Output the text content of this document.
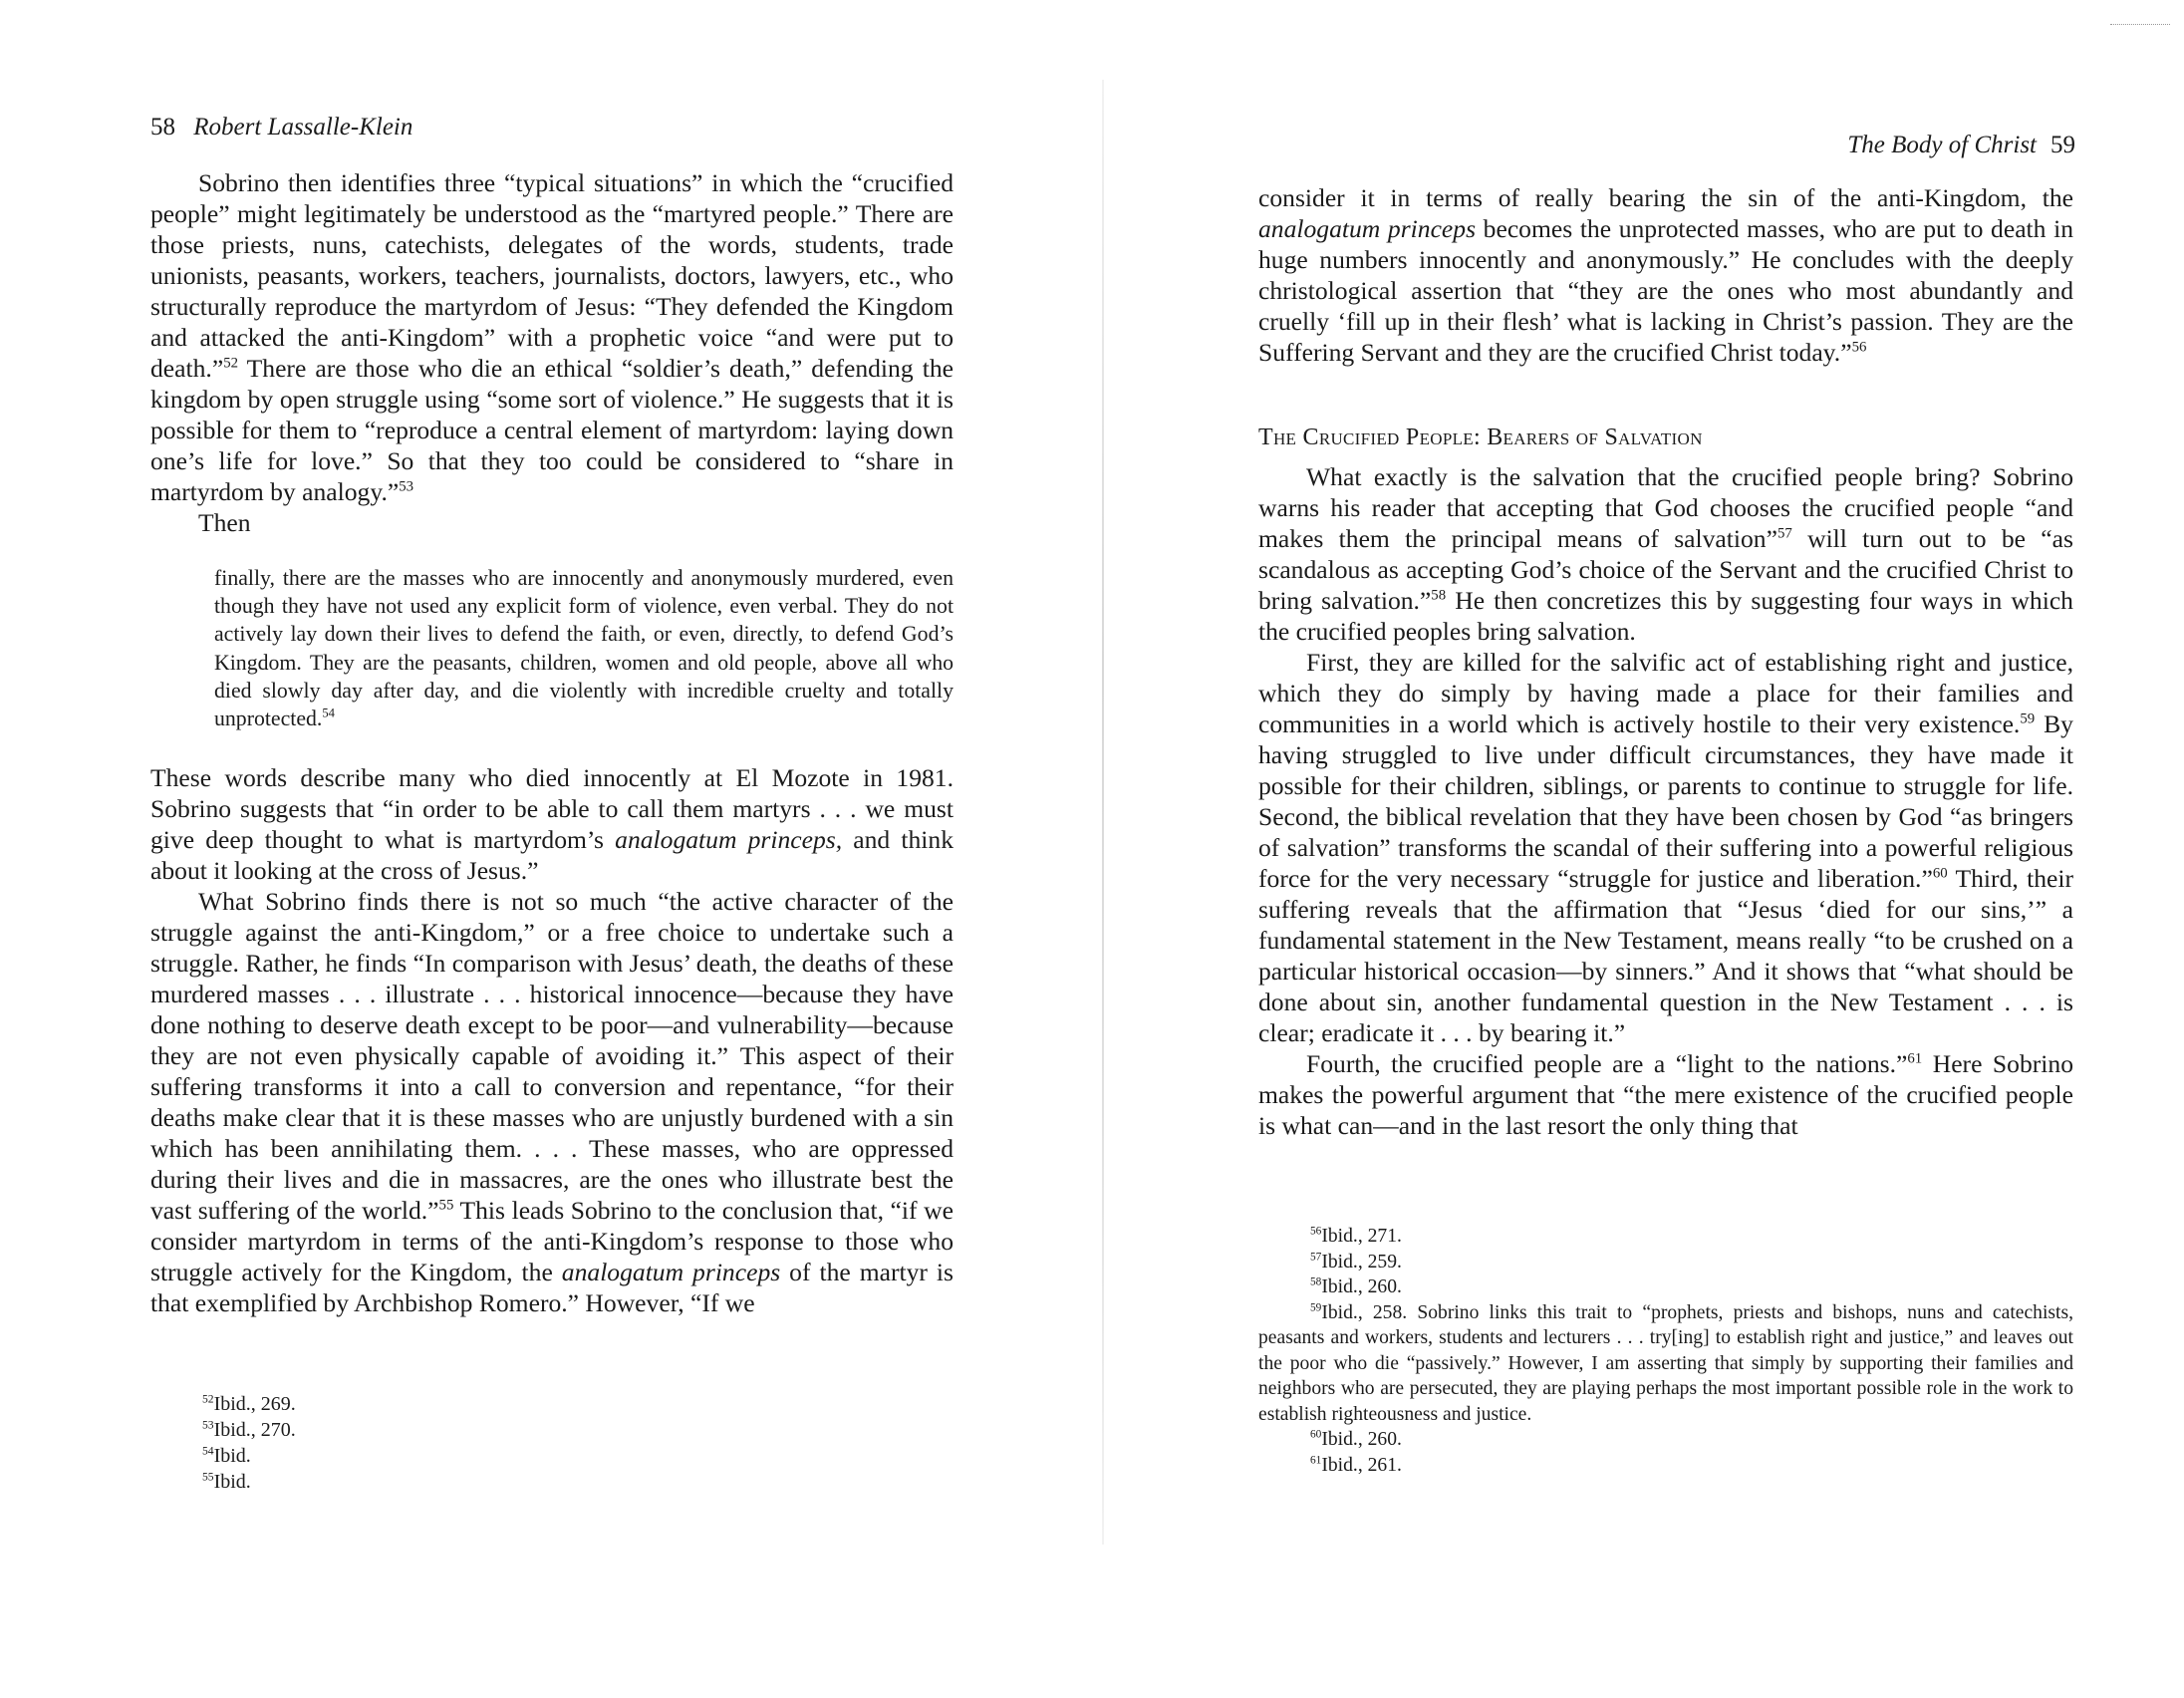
58 Robert Lassalle-Klein

Sobrino then identifies three “typical situations” in which the “crucified people” might legitimately be understood as the “martyred people.” There are those priests, nuns, catechists, delegates of the words, students, trade unionists, peasants, workers, teachers, journalists, doctors, lawyers, etc., who structurally reproduce the martyrdom of Jesus: “They defended the Kingdom and attacked the anti-Kingdom” with a prophetic voice “and were put to death.”$^{52}$ There are those who die an ethical “soldier’s death,” defending the kingdom by open struggle using “some sort of violence.” He suggests that it is possible for them to “reproduce a central element of martyrdom: laying down one’s life for love.” So that they too could be considered to “share in martyrdom by analogy.”$^{53}$

Then

finally, there are the masses who are innocently and anonymously murdered, even though they have not used any explicit form of violence, even verbal. They do not actively lay down their lives to defend the faith, or even, directly, to defend God’s Kingdom. They are the peasants, children, women and old people, above all who died slowly day after day, and die violently with incredible cruelty and totally unprotected.$^{54}$

These words describe many who died innocently at El Mozote in 1981. Sobrino suggests that “in order to be able to call them martyrs . . . we must give deep thought to what is martyrdom’s analogatum princeps, and think about it looking at the cross of Jesus.”

What Sobrino finds there is not so much “the active character of the struggle against the anti-Kingdom,” or a free choice to undertake such a struggle. Rather, he finds “In comparison with Jesus’ death, the deaths of these murdered masses . . . illustrate . . . historical innocence—because they have done nothing to deserve death except to be poor—and vulnerability—because they are not even physically capable of avoiding it.” This aspect of their suffering transforms it into a call to conversion and repentance, “for their deaths make clear that it is these masses who are unjustly burdened with a sin which has been annihilating them. . . . These masses, who are oppressed during their lives and die in massacres, are the ones who illustrate best the vast suffering of the world.”$^{55}$ This leads Sobrino to the conclusion that, “if we consider martyrdom in terms of the anti-Kingdom’s response to those who struggle actively for the Kingdom, the analogatum princeps of the martyr is that exemplified by Archbishop Romero.” However, “If we

$^{52}$Ibid., 269.
$^{53}$Ibid., 270.
$^{54}$Ibid.
$^{55}$Ibid.
The Body of Christ 59

consider it in terms of really bearing the sin of the anti-Kingdom, the analogatum princeps becomes the unprotected masses, who are put to death in huge numbers innocently and anonymously.” He concludes with the deeply christological assertion that “they are the ones who most abundantly and cruelly ‘fill up in their flesh’ what is lacking in Christ’s passion. They are the Suffering Servant and they are the crucified Christ today.”$^{56}$

The Crucified People: Bearers of Salvation

What exactly is the salvation that the crucified people bring? Sobrino warns his reader that accepting that God chooses the crucified people “and makes them the principal means of salvation”$^{57}$ will turn out to be “as scandalous as accepting God’s choice of the Servant and the crucified Christ to bring salvation.”$^{58}$ He then concretizes this by suggesting four ways in which the crucified peoples bring salvation.

First, they are killed for the salvific act of establishing right and justice, which they do simply by having made a place for their families and communities in a world which is actively hostile to their very existence.$^{59}$ By having struggled to live under difficult circumstances, they have made it possible for their children, siblings, or parents to continue to struggle for life. Second, the biblical revelation that they have been chosen by God “as bringers of salvation” transforms the scandal of their suffering into a powerful religious force for the very necessary “struggle for justice and liberation.”$^{60}$ Third, their suffering reveals that the affirmation that “Jesus ‘died for our sins,’” a fundamental statement in the New Testament, means really “to be crushed on a particular historical occasion—by sinners.” And it shows that “what should be done about sin, another fundamental question in the New Testament . . . is clear; eradicate it . . . by bearing it.”

Fourth, the crucified people are a “light to the nations.”$^{61}$ Here Sobrino makes the powerful argument that “the mere existence of the crucified people is what can—and in the last resort the only thing that

$^{56}$Ibid., 271.
$^{57}$Ibid., 259.
$^{58}$Ibid., 260.
$^{59}$Ibid., 258. Sobrino links this trait to “prophets, priests and bishops, nuns and catechists, peasants and workers, students and lecturers . . . try[ing] to establish right and justice,” and leaves out the poor who die “passively.” However, I am asserting that simply by supporting their families and neighbors who are persecuted, they are playing perhaps the most important possible role in the work to establish righteousness and justice.
$^{60}$Ibid., 260.
$^{61}$Ibid., 261.
